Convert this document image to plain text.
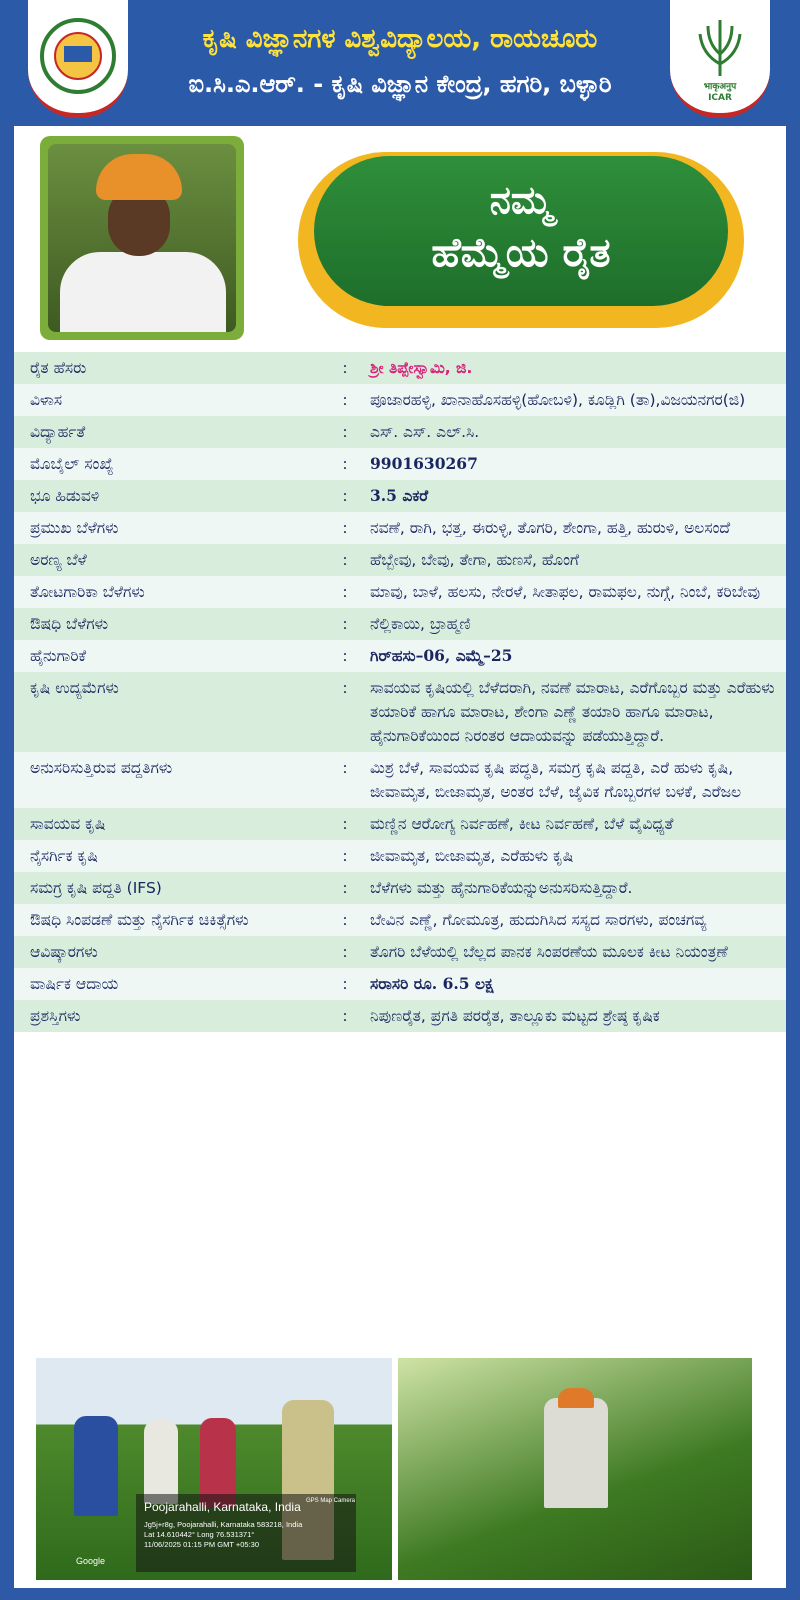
ಕೃಷಿ ವಿಜ್ಞಾನಗಳ ವಿಶ್ವವಿದ್ಯಾಲಯ, ರಾಯಚೂರು
ಐ.ಸಿ.ಎ.ಆರ್. - ಕೃಷಿ ವಿಜ್ಞಾನ ಕೇಂದ್ರ, ಹಗರಿ, ಬಳ್ಳಾರಿ	भाकृअनुप
ICAR
ನಮ್ಮ
ಹೆಮ್ಮೆಯ ರೈತ
ರೈತ ಹೆಸರು	:	ಶ್ರೀ ತಿಪ್ಪೇಸ್ವಾಮಿ, ಜಿ.
ವಿಳಾಸ	:	ಪೂಜಾರಹಳ್ಳಿ, ಖಾನಾಹೊಸಹಳ್ಳಿ(ಹೋಬಳಿ), ಕೂಡ್ಲಿಗಿ (ತಾ),ವಿಜಯನಗರ(ಜಿ)
ವಿದ್ಯಾರ್ಹತೆ	:	ಎಸ್. ಎಸ್. ಎಲ್.ಸಿ.
ಮೊಬೈಲ್ ಸಂಖ್ಯೆ	:	9901630267
ಭೂ ಹಿಡುವಳಿ	:	3.5 ಎಕರೆ
ಪ್ರಮುಖ ಬೆಳೆಗಳು	:	ನವಣೆ, ರಾಗಿ, ಭತ್ತ, ಈರುಳ್ಳಿ, ತೊಗರಿ, ಶೇಂಗಾ, ಹತ್ತಿ, ಹುರುಳಿ, ಅಲಸಂದೆ
ಅರಣ್ಯ ಬೆಳೆ	:	ಹೆಬ್ಬೇವು, ಬೇವು, ತೇಗಾ, ಹುಣಸೆ, ಹೊಂಗೆ
ತೋಟಗಾರಿಕಾ ಬೆಳೆಗಳು	:	ಮಾವು, ಬಾಳೆ, ಹಲಸು, ನೇರಳೆ, ಸೀತಾಫಲ, ರಾಮಫಲ, ನುಗ್ಗೆ, ನಿಂಬೆ, ಕರಿಬೇವು
ಔಷಧಿ ಬೆಳೆಗಳು	:	ನೆಲ್ಲಿಕಾಯಿ, ಬ್ರಾಹ್ಮಣಿ
ಹೈನುಗಾರಿಕೆ	:	ಗಿರ್‌ಹಸು–06, ಎಮ್ಮೆ–25
ಕೃಷಿ ಉದ್ಯಮೆಗಳು	:	ಸಾವಯವ ಕೃಷಿಯಲ್ಲಿ ಬೆಳೆದರಾಗಿ, ನವಣೆ ಮಾರಾಟ, ಎರೆಗೊಬ್ಬರ ಮತ್ತು ಎರೆಹುಳು ತಯಾರಿಕೆ ಹಾಗೂ ಮಾರಾಟ, ಶೇಂಗಾ ಎಣ್ಣೆ ತಯಾರಿ ಹಾಗೂ ಮಾರಾಟ, ಹೈನುಗಾರಿಕೆಯಿಂದ ನಿರಂತರ ಆದಾಯವನ್ನು ಪಡೆಯುತ್ತಿದ್ದಾರೆ.
ಅನುಸರಿಸುತ್ತಿರುವ ಪದ್ದತಿಗಳು	:	ಮಿಶ್ರ ಬೆಳೆ, ಸಾವಯವ ಕೃಷಿ ಪದ್ಧತಿ, ಸಮಗ್ರ ಕೃಷಿ ಪದ್ದತಿ, ಎರೆ ಹುಳು ಕೃಷಿ, ಜೀವಾಮೃತ, ಬೀಜಾಮೃತ, ಅಂತರ ಬೆಳೆ, ಜೈವಿಕ ಗೊಬ್ಬರಗಳ ಬಳಕೆ, ಎರೆಜಲ
ಸಾವಯವ ಕೃಷಿ	:	ಮಣ್ಣಿನ ಆರೋಗ್ಯ ನಿರ್ವಹಣೆ, ಕೀಟ ನಿರ್ವಹಣೆ, ಬೆಳೆ ವೈವಿಧ್ಯತೆ
ನೈಸರ್ಗಿಕ ಕೃಷಿ	:	ಜೀವಾಮೃತ, ಬೀಜಾಮೃತ, ಎರೆಹುಳು ಕೃಷಿ
ಸಮಗ್ರ ಕೃಷಿ ಪದ್ದತಿ (IFS)	:	ಬೆಳೆಗಳು ಮತ್ತು ಹೈನುಗಾರಿಕೆಯನ್ನುಅನುಸರಿಸುತ್ತಿದ್ದಾರೆ.
ಔಷಧಿ ಸಿಂಪಡಣೆ ಮತ್ತು ನೈಸರ್ಗಿಕ ಚಿಕಿತ್ಸೆಗಳು	:	ಬೇವಿನ ಎಣ್ಣೆ, ಗೋಮೂತ್ರ, ಹುದುಗಿಸಿದ ಸಸ್ಯದ ಸಾರಗಳು, ಪಂಚಗವ್ಯ
ಆವಿಷ್ಕಾರಗಳು	:	ತೊಗರಿ ಬೆಳೆಯಲ್ಲಿ ಬೆಲ್ಲದ ಪಾನಕ ಸಿಂಪರಣೆಯ ಮೂಲಕ ಕೀಟ ನಿಯಂತ್ರಣೆ
ವಾರ್ಷಿಕ ಆದಾಯ	:	ಸರಾಸರಿ ರೂ. 6.5 ಲಕ್ಷ
ಪ್ರಶಸ್ತಿಗಳು	:	ನಿಪುಣರೈತ, ಪ್ರಗತಿ ಪರರೈತ, ತಾಲ್ಲೂಕು ಮಟ್ಟದ ಶ್ರೇಷ್ಠ ಕೃಷಿಕ
Poojarahalli, Karnataka, India GPS Map Camera
Jg5j+r8g, Poojarahalli, Karnataka 583218, India
Lat 14.610442° Long 76.531371°
11/06/2025 01:15 PM GMT +05:30
Google
